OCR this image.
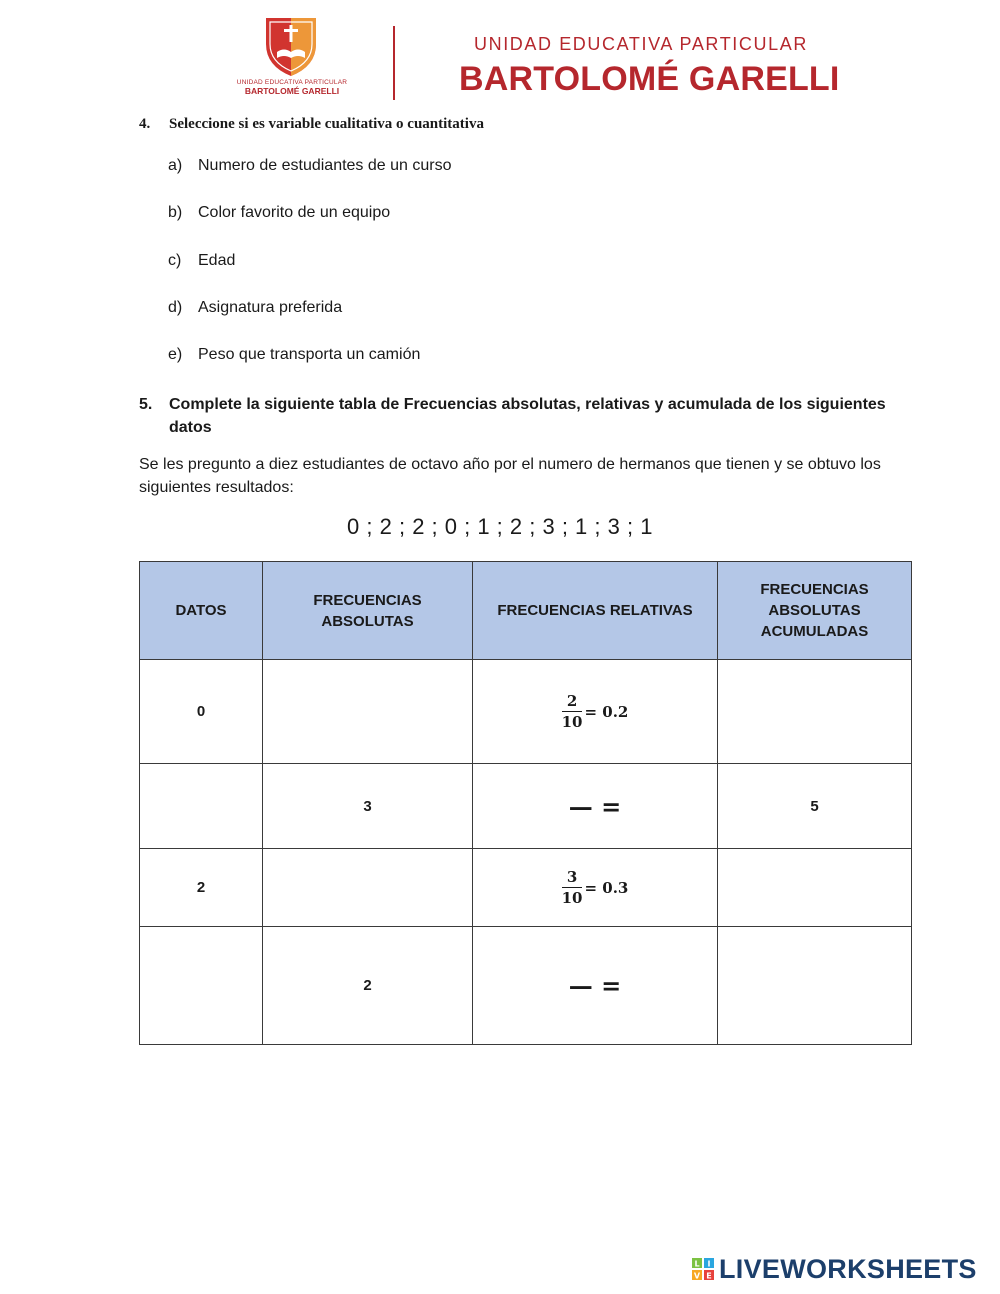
UNIDAD EDUCATIVA PARTICULAR
BARTOLOMÉ GARELLI
UNIDAD EDUCATIVA PARTICULAR
BARTOLOMÉ GARELLI
4. Seleccione si es variable cualitativa o cuantitativa
a) Numero de estudiantes de un curso
b) Color favorito de un equipo
c) Edad
d) Asignatura preferida
e) Peso que transporta un camión
5. Complete la siguiente tabla de Frecuencias absolutas, relativas y acumulada de los siguientes datos
Se les pregunto a diez estudiantes de octavo año por el numero de hermanos que tienen y se obtuvo los siguientes resultados:
0 ; 2 ; 2 ; 0 ; 1 ; 2 ; 3 ; 1 ; 3 ; 1
DATOS	FRECUENCIAS ABSOLUTAS	FRECUENCIAS RELATIVAS	FRECUENCIAS ABSOLUTAS ACUMULADAS
0		$\frac{2}{10} = 0.2$	
	3	— =	5
2		$\frac{3}{10} = 0.3$	
	2	— =	
L I
V E LIVEWORKSHEETS
